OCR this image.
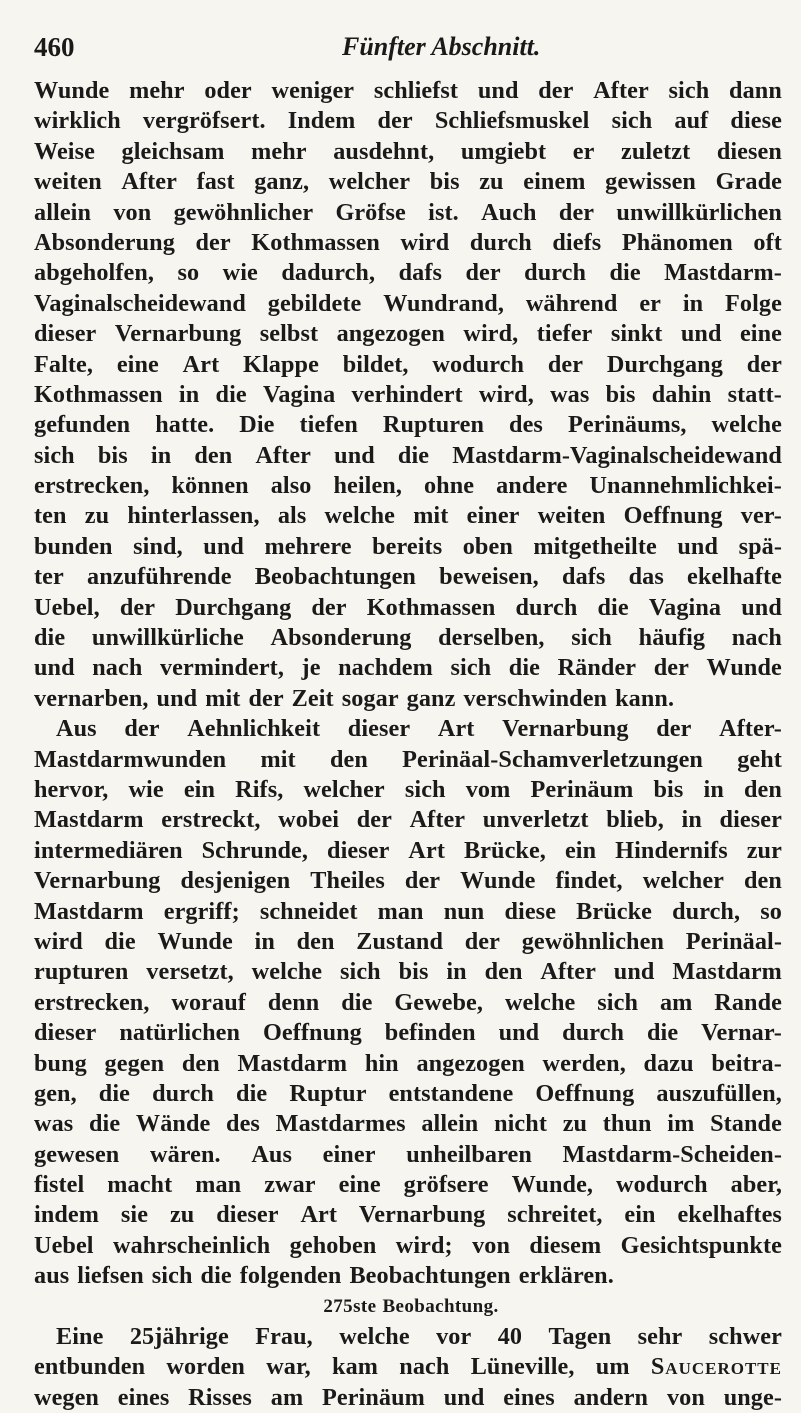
460	Fünfter Abschnitt.
Wunde mehr oder weniger schliefst und der After sich dann
wirklich vergröfsert. Indem der Schliefsmuskel sich auf diese
Weise gleichsam mehr ausdehnt, umgiebt er zuletzt diesen
weiten After fast ganz, welcher bis zu einem gewissen Grade
allein von gewöhnlicher Gröfse ist. Auch der unwillkürlichen
Absonderung der Kothmassen wird durch diefs Phänomen oft
abgeholfen, so wie dadurch, dafs der durch die Mastdarm-
Vaginalscheidewand gebildete Wundrand, während er in Folge
dieser Vernarbung selbst angezogen wird, tiefer sinkt und eine
Falte, eine Art Klappe bildet, wodurch der Durchgang der
Kothmassen in die Vagina verhindert wird, was bis dahin statt-
gefunden hatte. Die tiefen Rupturen des Perinäums, welche
sich bis in den After und die Mastdarm-Vaginalscheidewand
erstrecken, können also heilen, ohne andere Unannehmlichkei-
ten zu hinterlassen, als welche mit einer weiten Oeffnung ver-
bunden sind, und mehrere bereits oben mitgetheilte und spä-
ter anzuführende Beobachtungen beweisen, dafs das ekelhafte
Uebel, der Durchgang der Kothmassen durch die Vagina und
die unwillkürliche Absonderung derselben, sich häufig nach
und nach vermindert, je nachdem sich die Ränder der Wunde
vernarben, und mit der Zeit sogar ganz verschwinden kann.
Aus der Aehnlichkeit dieser Art Vernarbung der After-
Mastdarmwunden mit den Perinäal-Schamverletzungen geht
hervor, wie ein Rifs, welcher sich vom Perinäum bis in den
Mastdarm erstreckt, wobei der After unverletzt blieb, in dieser
intermediären Schrunde, dieser Art Brücke, ein Hindernifs zur
Vernarbung desjenigen Theiles der Wunde findet, welcher den
Mastdarm ergriff; schneidet man nun diese Brücke durch, so
wird die Wunde in den Zustand der gewöhnlichen Perinäal-
rupturen versetzt, welche sich bis in den After und Mastdarm
erstrecken, worauf denn die Gewebe, welche sich am Rande
dieser natürlichen Oeffnung befinden und durch die Vernar-
bung gegen den Mastdarm hin angezogen werden, dazu beitra-
gen, die durch die Ruptur entstandene Oeffnung auszufüllen,
was die Wände des Mastdarmes allein nicht zu thun im Stande
gewesen wären. Aus einer unheilbaren Mastdarm-Scheiden-
fistel macht man zwar eine gröfsere Wunde, wodurch aber,
indem sie zu dieser Art Vernarbung schreitet, ein ekelhaftes
Uebel wahrscheinlich gehoben wird; von diesem Gesichtspunkte
aus liefsen sich die folgenden Beobachtungen erklären.
275ste Beobachtung.
Eine 25jährige Frau, welche vor 40 Tagen sehr schwer
entbunden worden war, kam nach Lüneville, um Saucerotte
wegen eines Risses am Perinäum und eines andern von unge-
